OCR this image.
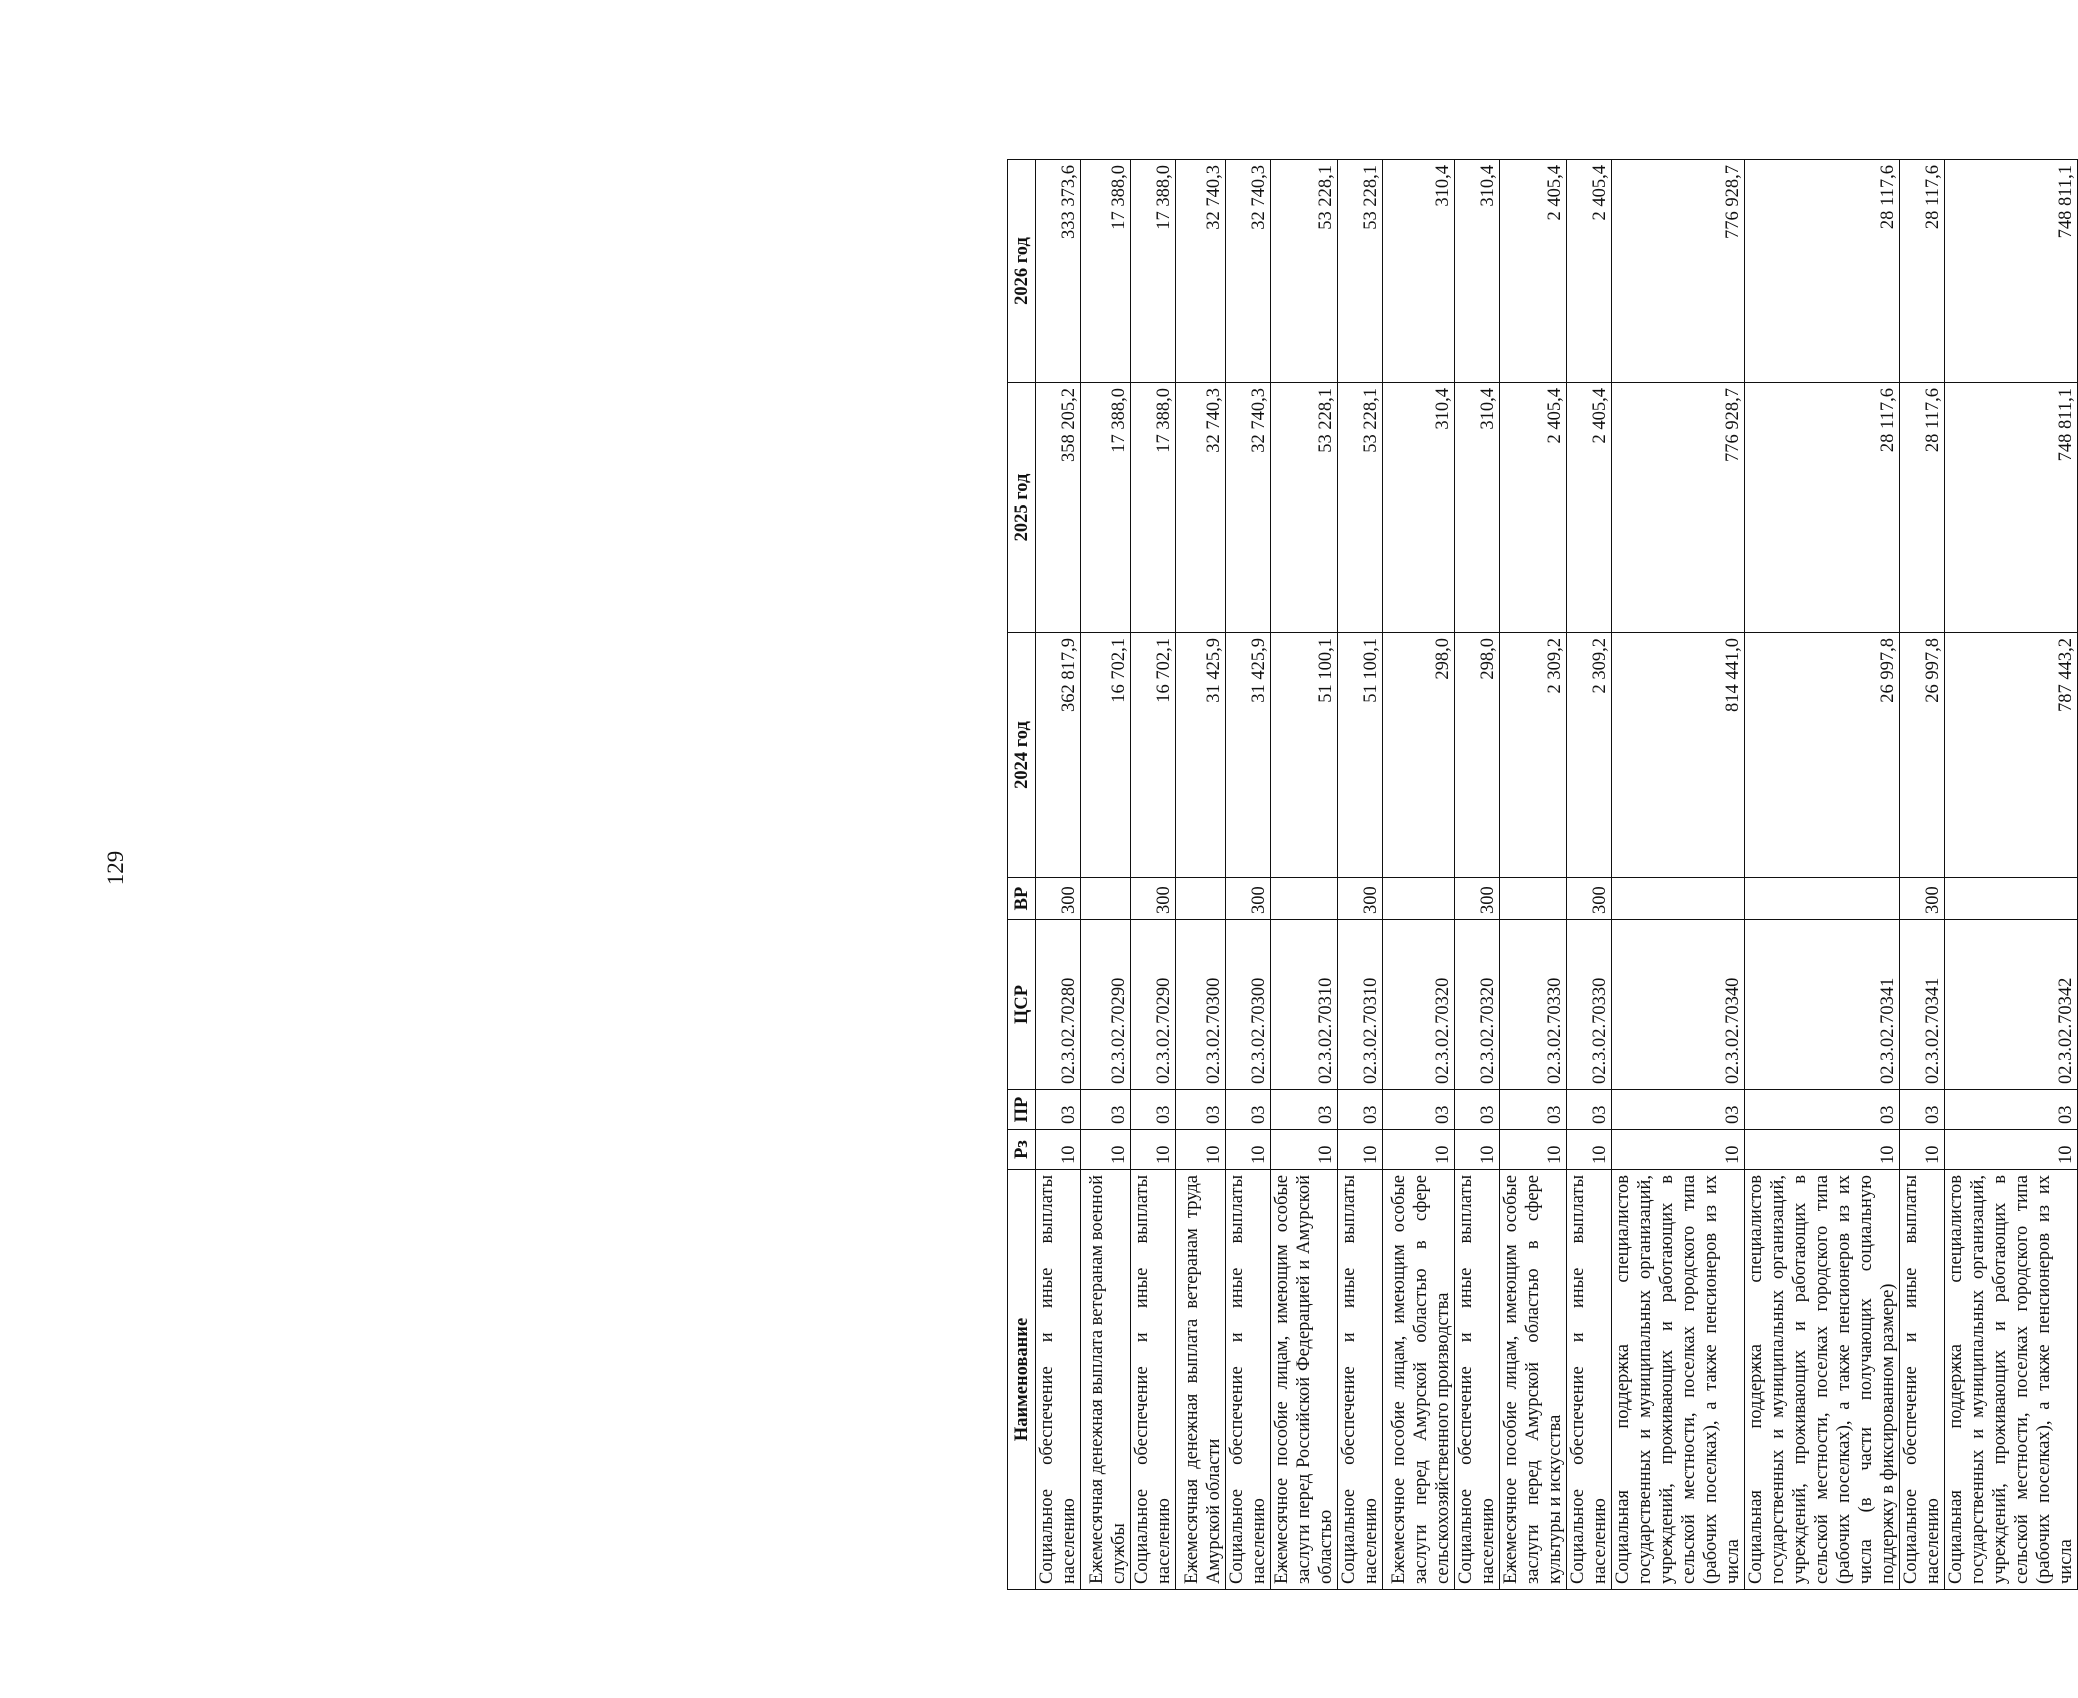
129
Наименование	Рз	ПР	ЦСР	ВР	2024 год	2025 год	2026 год
Социальное обеспечение и иные выплаты населению	10	03	02.3.02.70280	300	362 817,9	358 205,2	333 373,6
Ежемесячная денежная выплата ветеранам военной службы	10	03	02.3.02.70290		16 702,1	17 388,0	17 388,0
Социальное обеспечение и иные выплаты населению	10	03	02.3.02.70290	300	16 702,1	17 388,0	17 388,0
Ежемесячная денежная выплата ветеранам труда Амурской области	10	03	02.3.02.70300		31 425,9	32 740,3	32 740,3
Социальное обеспечение и иные выплаты населению	10	03	02.3.02.70300	300	31 425,9	32 740,3	32 740,3
Ежемесячное пособие лицам, имеющим особые заслуги перед Российской Федерацией и Амурской областью	10	03	02.3.02.70310		51 100,1	53 228,1	53 228,1
Социальное обеспечение и иные выплаты населению	10	03	02.3.02.70310	300	51 100,1	53 228,1	53 228,1
Ежемесячное пособие лицам, имеющим особые заслуги перед Амурской областью в сфере сельскохозяйственного производства	10	03	02.3.02.70320		298,0	310,4	310,4
Социальное обеспечение и иные выплаты населению	10	03	02.3.02.70320	300	298,0	310,4	310,4
Ежемесячное пособие лицам, имеющим особые заслуги перед Амурской областью в сфере культуры и искусства	10	03	02.3.02.70330		2 309,2	2 405,4	2 405,4
Социальное обеспечение и иные выплаты населению	10	03	02.3.02.70330	300	2 309,2	2 405,4	2 405,4
Социальная поддержка специалистов государственных и муниципальных организаций, учреждений, проживающих и работающих в сельской местности, поселках городского типа (рабочих поселках), а также пенсионеров из их числа	10	03	02.3.02.70340		814 441,0	776 928,7	776 928,7
Социальная поддержка специалистов государственных и муниципальных организаций, учреждений, проживающих и работающих в сельской местности, поселках городского типа (рабочих поселках), а также пенсионеров из их числа (в части получающих социальную поддержку в фиксированном размере)	10	03	02.3.02.70341		26 997,8	28 117,6	28 117,6
Социальное обеспечение и иные выплаты населению	10	03	02.3.02.70341	300	26 997,8	28 117,6	28 117,6
Социальная поддержка специалистов государственных и муниципальных организаций, учреждений, проживающих и работающих в сельской местности, поселках городского типа (рабочих поселках), а также пенсионеров из их числа	10	03	02.3.02.70342		787 443,2	748 811,1	748 811,1
